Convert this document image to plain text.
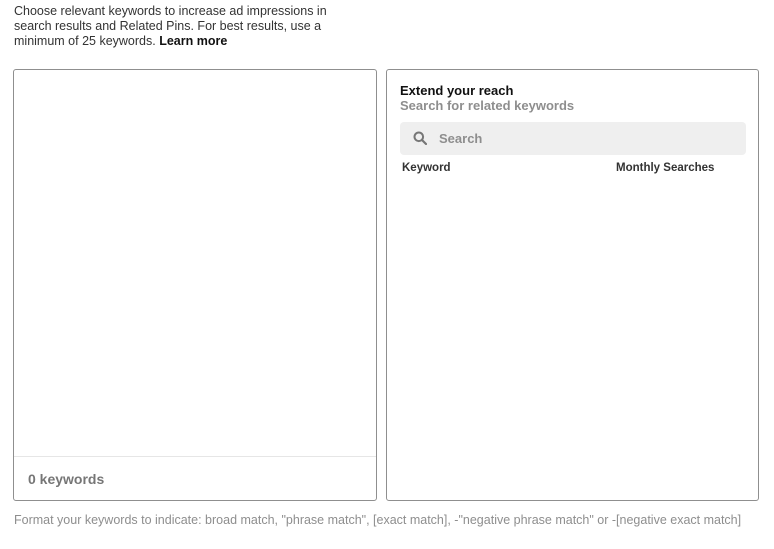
Choose relevant keywords to increase ad impressions in search results and Related Pins. For best results, use a minimum of 25 keywords. Learn more
0 keywords
Extend your reach
Search for related keywords
Search
Keyword	Monthly Searches
Format your keywords to indicate: broad match, "phrase match", [exact match], -"negative phrase match" or -[negative exact match]
